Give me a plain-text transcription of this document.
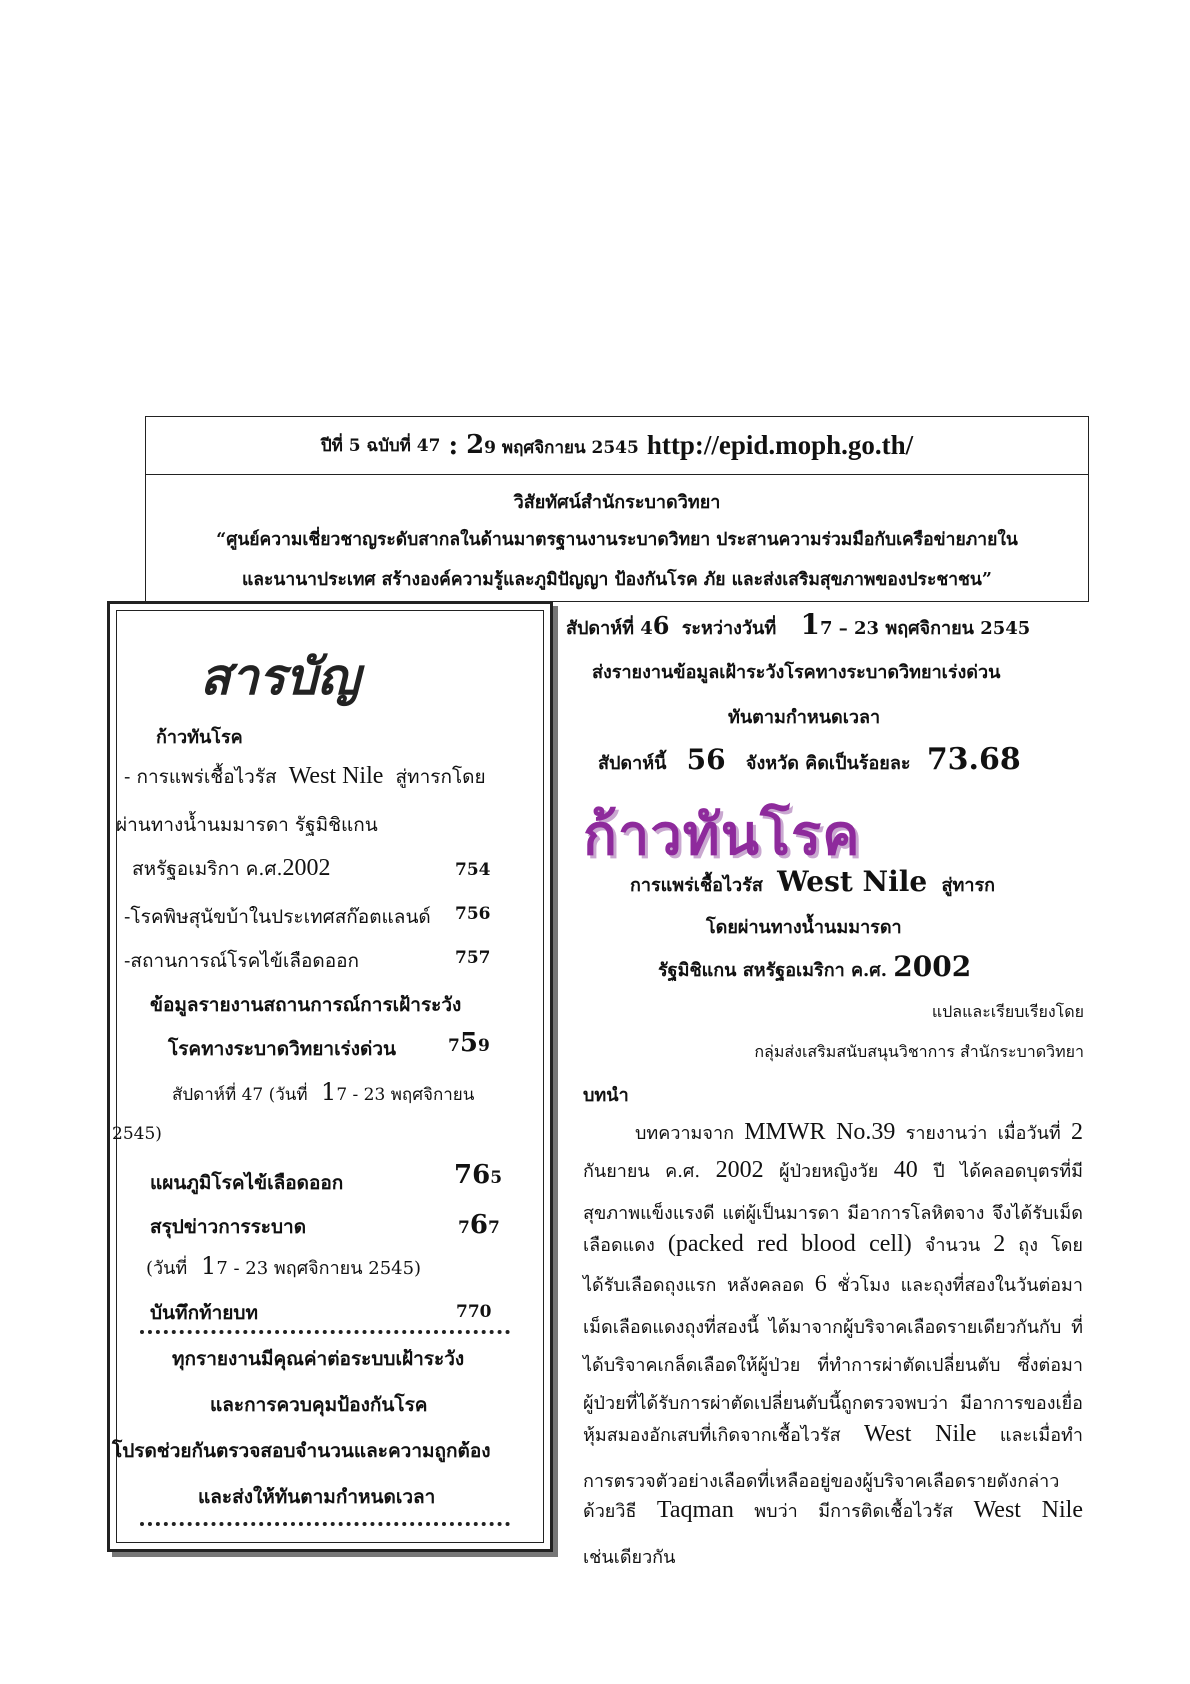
ปีที่ 5 ฉบับที่ 47 : 29 พฤศจิกายน 2545 http://epid.moph.go.th/
วิสัยทัศน์สำนักระบาดวิทยา
“ศูนย์ความเชี่ยวชาญระดับสากลในด้านมาตรฐานงานระบาดวิทยา ประสานความร่วมมือกับเครือข่ายภายใน
และนานาประเทศ สร้างองค์ความรู้และภูมิปัญญา ป้องกันโรค ภัย และส่งเสริมสุขภาพของประชาชน”
สารบัญ
ก้าวทันโรค
- การแพร่เชื้อไวรัส West Nile สู่ทารกโดย
ผ่านทางน้ำนมมารดา รัฐมิชิแกน
สหรัฐอเมริกา ค.ศ.2002	754
-โรคพิษสุนัขบ้าในประเทศสก๊อตแลนด์ 756
-สถานการณ์โรคไข้เลือดออก	757
ข้อมูลรายงานสถานการณ์การเฝ้าระวัง
โรคทางระบาดวิทยาเร่งด่วน	759
สัปดาห์ที่ 47 (วันที่ 17 - 23 พฤศจิกายน
2545)
แผนภูมิโรคไข้เลือดออก	765
สรุปข่าวการระบาด	767
(วันที่ 17 - 23 พฤศจิกายน 2545)
บันทึกท้ายบท	770
ทุกรายงานมีคุณค่าต่อระบบเฝ้าระวัง
และการควบคุมป้องกันโรค
โปรดช่วยกันตรวจสอบจำนวนและความถูกต้อง
และส่งให้ทันตามกำหนดเวลา
สัปดาห์ที่ 46 ระหว่างวันที่ 17 – 23 พฤศจิกายน 2545
ส่งรายงานข้อมูลเฝ้าระวังโรคทางระบาดวิทยาเร่งด่วน
ทันตามกำหนดเวลา
สัปดาห์นี้ 56 จังหวัด คิดเป็นร้อยละ 73.68
ก้าวทันโรค
การแพร่เชื้อไวรัส West Nile สู่ทารก
โดยผ่านทางน้ำนมมารดา
รัฐมิชิแกน สหรัฐอเมริกา ค.ศ. 2002
แปลและเรียบเรียงโดย
กลุ่มส่งเสริมสนับสนุนวิชาการ สำนักระบาดวิทยา
บทนำ
บทความจาก MMWR No.39 รายงานว่า เมื่อวันที่ 2
กันยายน ค.ศ. 2002 ผู้ป่วยหญิงวัย 40 ปี ได้คลอดบุตรที่มี
สุขภาพแข็งแรงดี แต่ผู้เป็นมารดา มีอาการโลหิตจาง จึงได้รับเม็ด
เลือดแดง (packed red blood cell) จำนวน 2 ถุง โดย
ได้รับเลือดถุงแรก หลังคลอด 6 ชั่วโมง และถุงที่สองในวันต่อมา
เม็ดเลือดแดงถุงที่สองนี้ ได้มาจากผู้บริจาคเลือดรายเดียวกันกับ ที่
ได้บริจาคเกล็ดเลือดให้ผู้ป่วย ที่ทำการผ่าตัดเปลี่ยนตับ ซึ่งต่อมา
ผู้ป่วยที่ได้รับการผ่าตัดเปลี่ยนตับนี้ถูกตรวจพบว่า มีอาการของเยื่อ
หุ้มสมองอักเสบที่เกิดจากเชื้อไวรัส West Nile และเมื่อทำ
การตรวจตัวอย่างเลือดที่เหลืออยู่ของผู้บริจาคเลือดรายดังกล่าว
ด้วยวิธี Taqman พบว่า มีการติดเชื้อไวรัส West Nile
เช่นเดียวกัน
